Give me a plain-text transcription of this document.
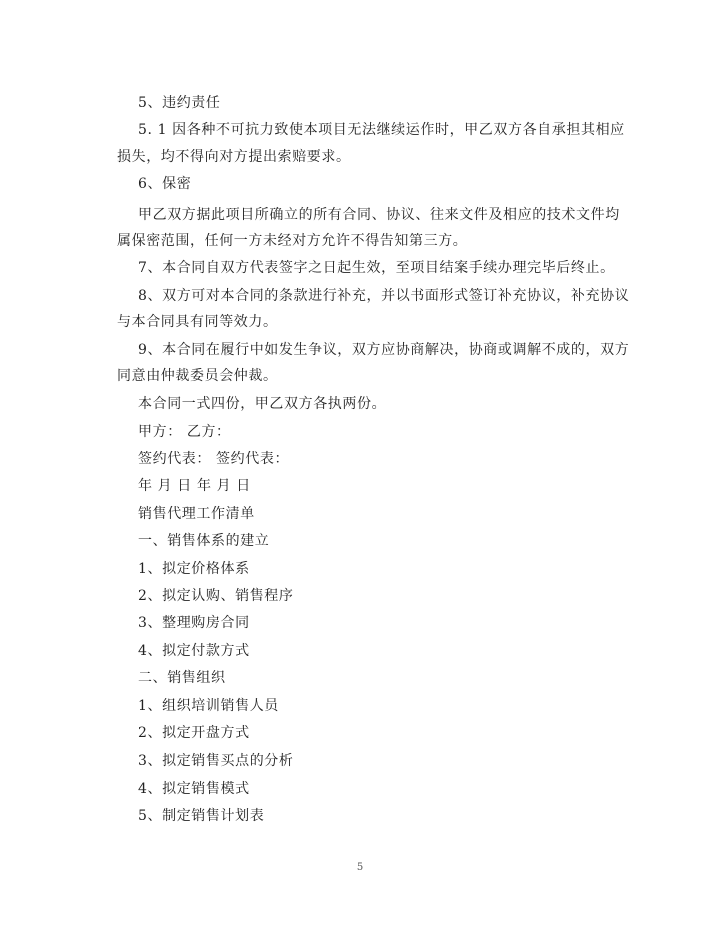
5、违约责任
5. 1 因各种不可抗力致使本项目无法继续运作时，甲乙双方各自承担其相应
损失，均不得向对方提出索赔要求。
6、保密
甲乙双方据此项目所确立的所有合同、协议、往来文件及相应的技术文件均
属保密范围，任何一方未经对方允许不得告知第三方。
7、本合同自双方代表签字之日起生效，至项目结案手续办理完毕后终止。
8、双方可对本合同的条款进行补充，并以书面形式签订补充协议，补充协议
与本合同具有同等效力。
9、本合同在履行中如发生争议，双方应协商解决，协商或调解不成的，双方
同意由仲裁委员会仲裁。
本合同一式四份，甲乙双方各执两份。
甲方： 乙方：
签约代表： 签约代表：
年 月 日 年 月 日
销售代理工作清单
一、销售体系的建立
1、拟定价格体系
2、拟定认购、销售程序
3、整理购房合同
4、拟定付款方式
二、销售组织
1、组织培训销售人员
2、拟定开盘方式
3、拟定销售买点的分析
4、拟定销售模式
5、制定销售计划表
5
